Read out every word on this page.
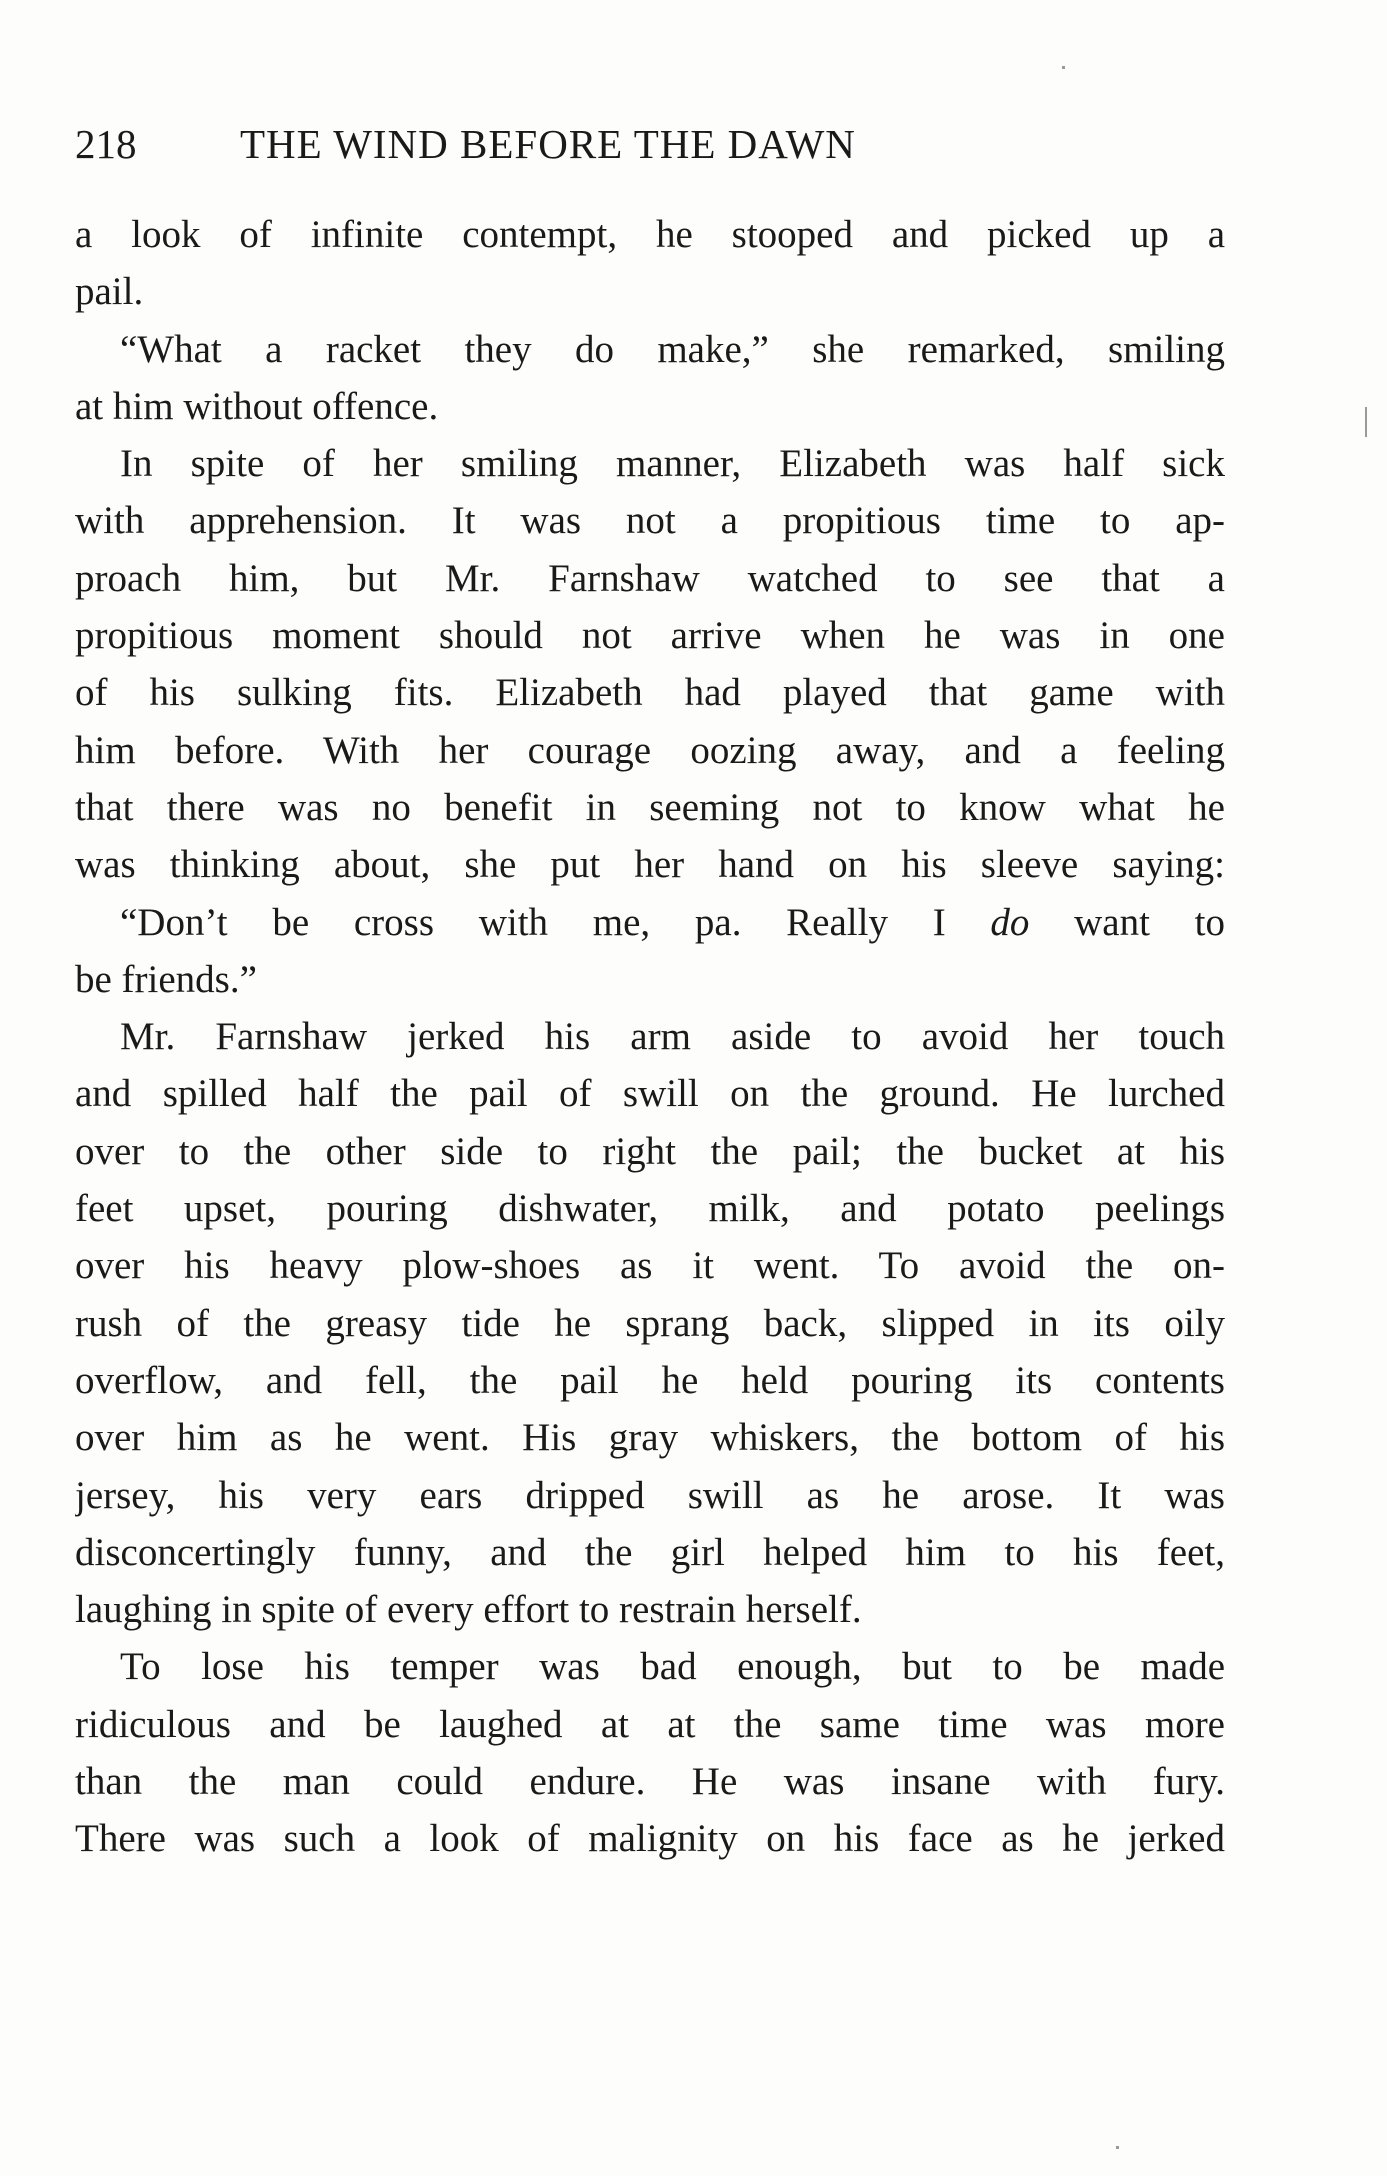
218	THE WIND BEFORE THE DAWN
a look of infinite contempt, he stooped and picked up a
pail.
“What a racket they do make,” she remarked, smiling
at him without offence.
In spite of her smiling manner, Elizabeth was half sick
with apprehension. It was not a propitious time to ap-
proach him, but Mr. Farnshaw watched to see that a
propitious moment should not arrive when he was in one
of his sulking fits. Elizabeth had played that game with
him before. With her courage oozing away, and a feeling
that there was no benefit in seeming not to know what he
was thinking about, she put her hand on his sleeve saying:
“Don’t be cross with me, pa. Really I do want to
be friends.”
Mr. Farnshaw jerked his arm aside to avoid her touch
and spilled half the pail of swill on the ground. He lurched
over to the other side to right the pail; the bucket at his
feet upset, pouring dishwater, milk, and potato peelings
over his heavy plow-shoes as it went. To avoid the on-
rush of the greasy tide he sprang back, slipped in its oily
overflow, and fell, the pail he held pouring its contents
over him as he went. His gray whiskers, the bottom of his
jersey, his very ears dripped swill as he arose. It was
disconcertingly funny, and the girl helped him to his feet,
laughing in spite of every effort to restrain herself.
To lose his temper was bad enough, but to be made
ridiculous and be laughed at at the same time was more
than the man could endure. He was insane with fury.
There was such a look of malignity on his face as he jerked
